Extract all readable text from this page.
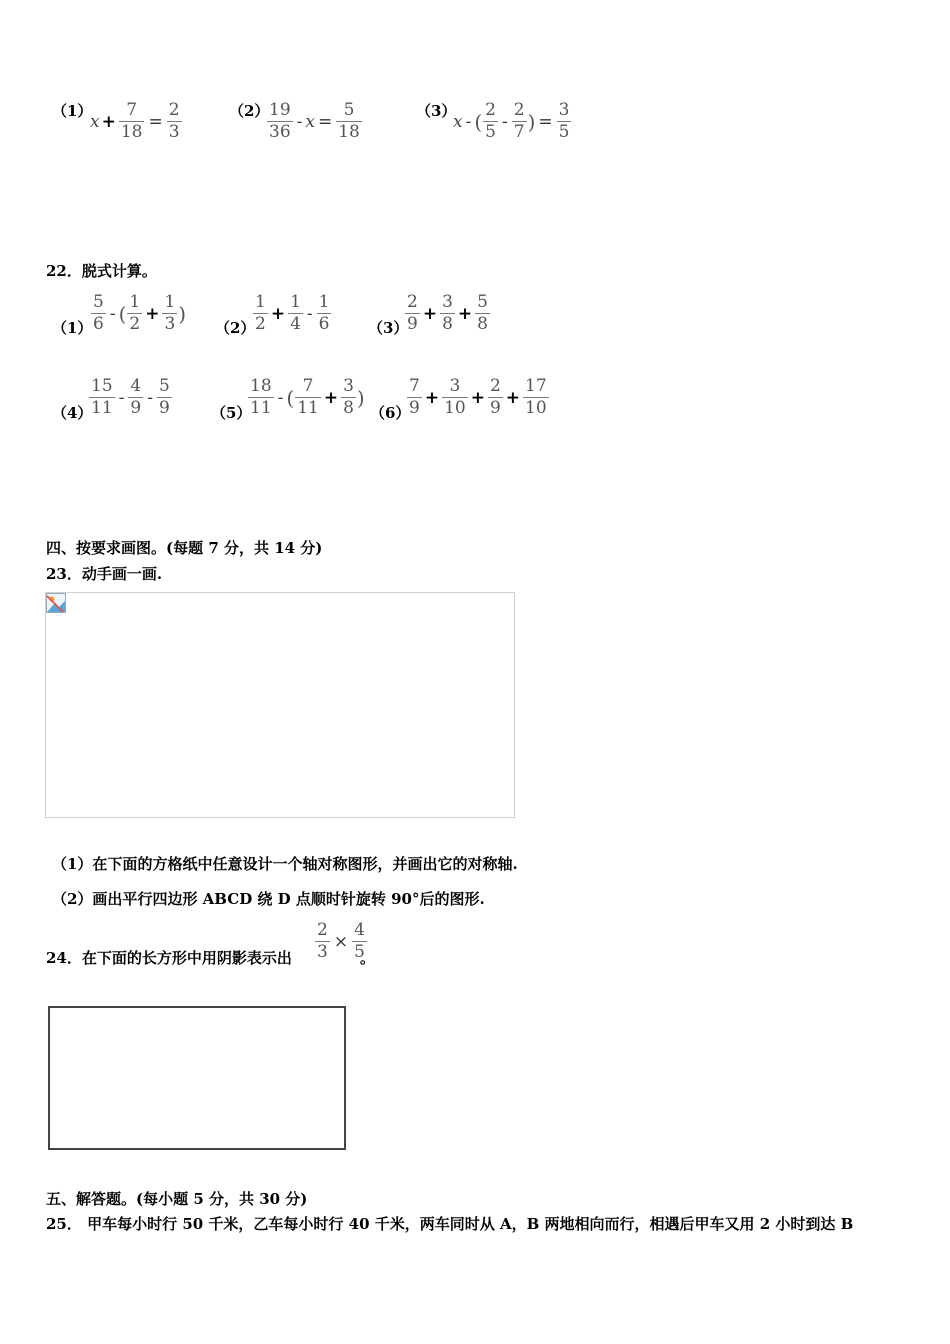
（1）
$x + \frac{7}{18} = \frac{2}{3}$	（2）
$\frac{19}{36} - x = \frac{5}{18}$	（3）
x - ( $\frac{2}{5} - \frac{2}{7}$ ) = $\frac{3}{5}$
22．脱式计算。
（1）
$\frac{5}{6}$ - ( $\frac{1}{2} + \frac{1}{3}$ )
（2）
$\frac{1}{2} + \frac{1}{4} - \frac{1}{6} (3)$
$\frac{2}{9} + \frac{3}{8} + \frac{5}{8}$
（4）
$\frac{15}{11} - \frac{4}{9} - \frac{5}{9}$	（5）
$\frac{18}{11}$ - ( $\frac{7}{11} + \frac{3}{8}$ )
（6）
$\frac{7}{9} + \frac{3}{10} + \frac{2}{9} + \frac{17}{10}$
四、按要求画图。(每题 7 分，共 14 分)
23．动手画一画.
（1）在下面的方格纸中任意设计一个轴对称图形，并画出它的对称轴.
（2）画出平行四边形 ABCD 绕 D 点顺时针旋转 90°后的图形.
24．在下面的长方形中用阴影表示出 $\frac{2}{3} \times \frac{4}{5}$
。
五、解答题。(每小题 5 分，共 30 分)
25． 甲车每小时行 50 千米，乙车每小时行 40 千米，两车同时从 A，B 两地相向而行，相遇后甲车又用 2 小时到达 B
